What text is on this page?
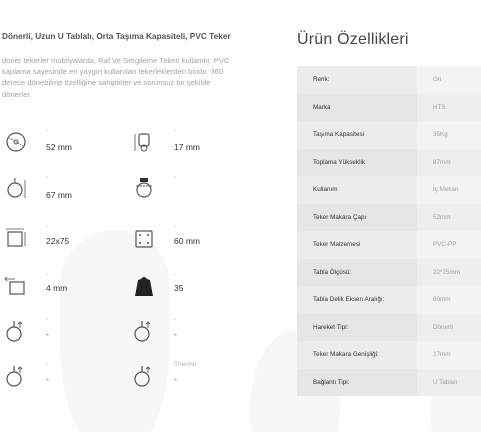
Dönerli, Uzun U Tablalı, Orta Taşıma Kapasiteli, PVC Teker
döner tekerler mobilyalarda, Raf Ve Sergileme Tekeri kullanılır. PVC kaplama sayesinde en yaygın kullanılan tekerleklerden biridir. 360 derece dönebilme özelliğine sahiptirler ve sorunsuz bir şekilde dönerler.
-
52 mm
-
17 mm
-
67 mm
-
-
22x75
-
60 mm
-
4 mm
-
35
-
-
-
-
-
-
Thermo
-
Ürün Özellikleri
Renk:	Gri
Marka	HTS
Taşıma Kapasitesi	35Kg
Toplama Yükseklik	87mm
Kullanım	İç Mekan
Teker Makara Çapı	52mm
Teker Malzemesi	PVC-PP
Tabla Ölçüsü:	22*75mm
Tabla Delik Eksen Aralığı:	60mm
Hareket Tipi:	Dönerli
Teker Makara Genişliği:	17mm
Bağlantı Tipi:	U Tablalı
